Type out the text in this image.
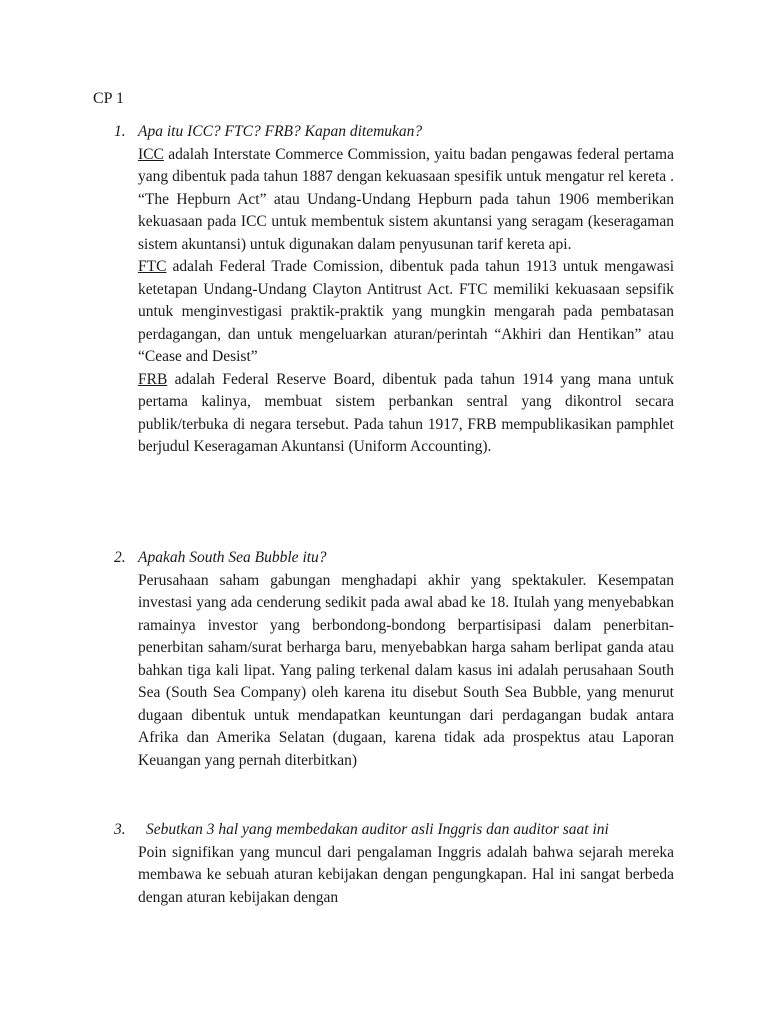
CP 1
1. Apa itu ICC? FTC? FRB? Kapan ditemukan?

ICC adalah Interstate Commerce Commission, yaitu badan pengawas federal pertama yang dibentuk pada tahun 1887 dengan kekuasaan spesifik untuk mengatur rel kereta . “The Hepburn Act” atau Undang-Undang Hepburn pada tahun 1906 memberikan kekuasaan pada ICC untuk membentuk sistem akuntansi yang seragam (keseragaman sistem akuntansi) untuk digunakan dalam penyusunan tarif kereta api.

FTC adalah Federal Trade Comission, dibentuk pada tahun 1913 untuk mengawasi ketetapan Undang-Undang Clayton Antitrust Act. FTC memiliki kekuasaan sepsifik untuk menginvestigasi praktik-praktik yang mungkin mengarah pada pembatasan perdagangan, dan untuk mengeluarkan aturan/perintah “Akhiri dan Hentikan” atau “Cease and Desist”

FRB adalah Federal Reserve Board, dibentuk pada tahun 1914 yang mana untuk pertama kalinya, membuat sistem perbankan sentral yang dikontrol secara publik/terbuka di negara tersebut. Pada tahun 1917, FRB mempublikasikan pamphlet berjudul Keseragaman Akuntansi (Uniform Accounting).

2. Apakah South Sea Bubble itu?

Perusahaan saham gabungan menghadapi akhir yang spektakuler. Kesempatan investasi yang ada cenderung sedikit pada awal abad ke 18. Itulah yang menyebabkan ramainya investor yang berbondong-bondong berpartisipasi dalam penerbitan-penerbitan saham/surat berharga baru, menyebabkan harga saham berlipat ganda atau bahkan tiga kali lipat. Yang paling terkenal dalam kasus ini adalah perusahaan South Sea (South Sea Company) oleh karena itu disebut South Sea Bubble, yang menurut dugaan dibentuk untuk mendapatkan keuntungan dari perdagangan budak antara Afrika dan Amerika Selatan (dugaan, karena tidak ada prospektus atau Laporan Keuangan yang pernah diterbitkan)

3. Sebutkan 3 hal yang membedakan auditor asli Inggris dan auditor saat ini

Poin signifikan yang muncul dari pengalaman Inggris adalah bahwa sejarah mereka membawa ke sebuah aturan kebijakan dengan pengungkapan. Hal ini sangat berbeda dengan aturan kebijakan dengan
